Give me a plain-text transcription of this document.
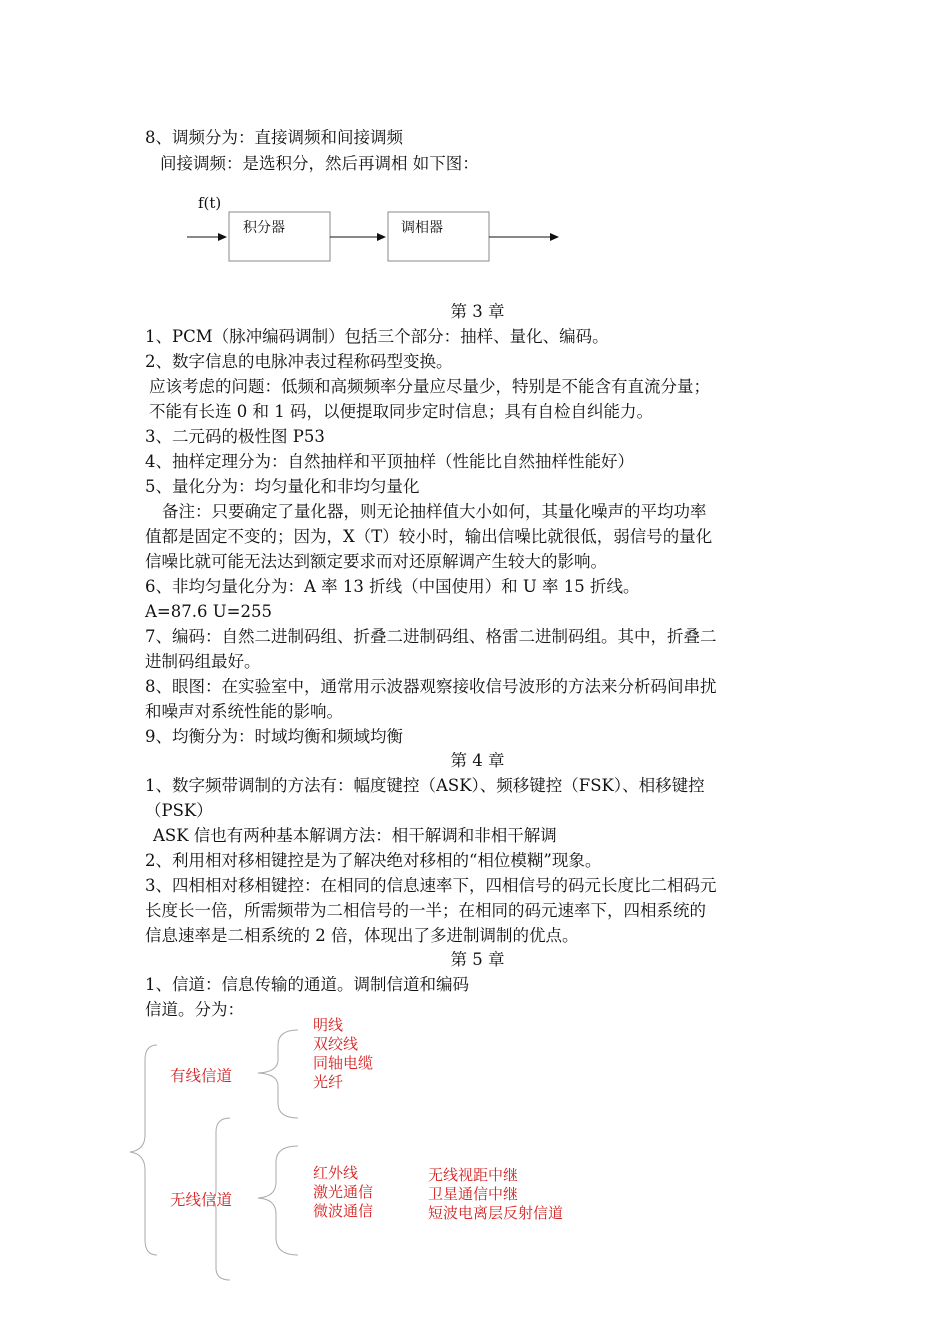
8、调频分为：直接调频和间接调频
间接调频：是选积分，然后再调相 如下图：
f(t)
积分器	调相器
第 3 章
1、PCM（脉冲编码调制）包括三个部分：抽样、量化、编码。
2、数字信息的电脉冲表过程称码型变换。
应该考虑的问题：低频和高频频率分量应尽量少，特别是不能含有直流分量；
不能有长连 0 和 1 码，以便提取同步定时信息；具有自检自纠能力。
3、二元码的极性图 P53
4、抽样定理分为：自然抽样和平顶抽样（性能比自然抽样性能好）
5、量化分为：均匀量化和非均匀量化
备注：只要确定了量化器，则无论抽样值大小如何，其量化噪声的平均功率
值都是固定不变的；因为，X（T）较小时，输出信噪比就很低，弱信号的量化
信噪比就可能无法达到额定要求而对还原解调产生较大的影响。
6、非均匀量化分为：A 率 13 折线（中国使用）和 U 率 15 折线。
A=87.6 U=255
7、编码：自然二进制码组、折叠二进制码组、格雷二进制码组。其中，折叠二
进制码组最好。
8、眼图：在实验室中，通常用示波器观察接收信号波形的方法来分析码间串扰
和噪声对系统性能的影响。
9、均衡分为：时域均衡和频域均衡
第 4 章
1、数字频带调制的方法有：幅度键控（ASK）、频移键控（FSK）、相移键控
（PSK）
ASK 信也有两种基本解调方法：相干解调和非相干解调
2、利用相对移相键控是为了解决绝对移相的“相位模糊”现象。
3、四相相对移相键控：在相同的信息速率下，四相信号的码元长度比二相码元
长度长一倍，所需频带为二相信号的一半；在相同的码元速率下，四相系统的
信息速率是二相系统的 2 倍，体现出了多进制调制的优点。
第 5 章
1、信道：信息传输的通道。调制信道和编码
信道。分为：
有线信道
明线
双绞线
同轴电缆
光纤
无线信道
红外线
激光通信
微波通信
无线视距中继
卫星通信中继
短波电离层反射信道
